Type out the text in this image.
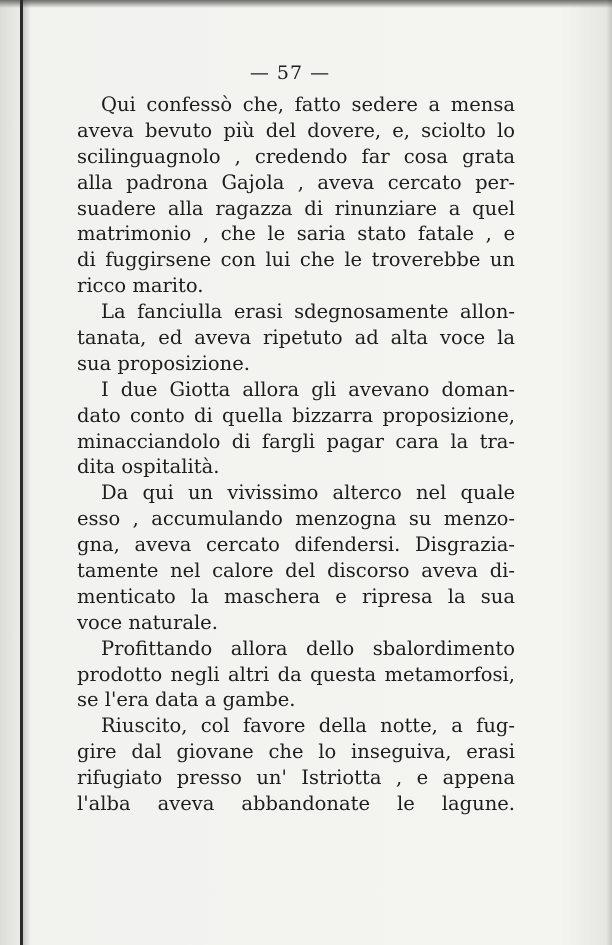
— 57 —
Qui confessò che, fatto sedere a mensa
aveva bevuto più del dovere, e, sciolto lo
scilinguagnolo , credendo far cosa grata
alla padrona Gajola , aveva cercato per-
suadere alla ragazza di rinunziare a quel
matrimonio , che le saria stato fatale , e
di fuggirsene con lui che le troverebbe un
ricco marito.
La fanciulla erasi sdegnosamente allon-
tanata, ed aveva ripetuto ad alta voce la
sua proposizione.
I due Giotta allora gli avevano doman-
dato conto di quella bizzarra proposizione,
minacciandolo di fargli pagar cara la tra-
dita ospitalità.
Da qui un vivissimo alterco nel quale
esso , accumulando menzogna su menzo-
gna, aveva cercato difendersi. Disgrazia-
tamente nel calore del discorso aveva di-
menticato la maschera e ripresa la sua
voce naturale.
Profittando allora dello sbalordimento
prodotto negli altri da questa metamorfosi,
se l'era data a gambe.
Riuscito, col favore della notte, a fug-
gire dal giovane che lo inseguiva, erasi
rifugiato presso un' Istriotta , e appena
l'alba aveva abbandonate le lagune.
